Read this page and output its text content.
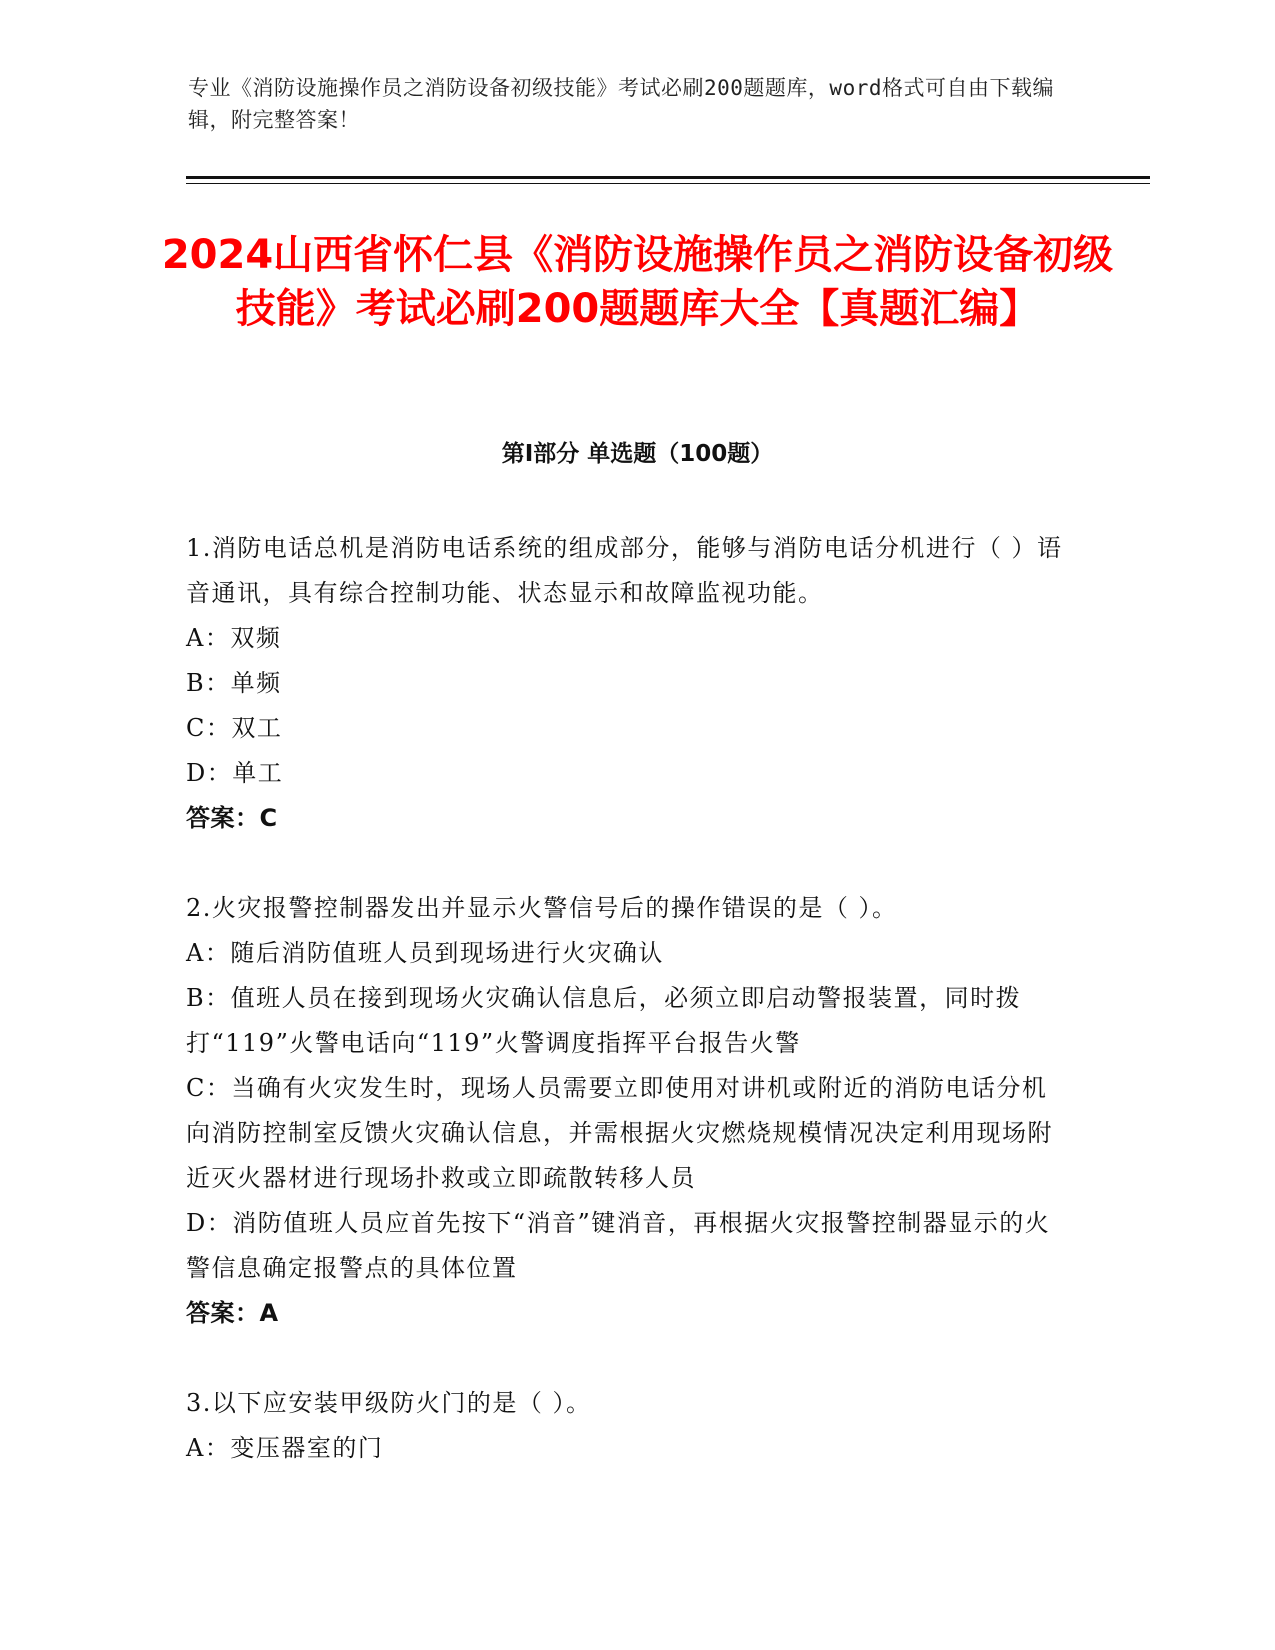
专业《消防设施操作员之消防设备初级技能》考试必刷200题题库，word格式可自由下载编辑，附完整答案！
2024山西省怀仁县《消防设施操作员之消防设备初级技能》考试必刷200题题库大全【真题汇编】
第I部分 单选题（100题）

1.消防电话总机是消防电话系统的组成部分，能够与消防电话分机进行（ ）语音通讯，具有综合控制功能、状态显示和故障监视功能。

A：双频

B：单频

C：双工

D：单工

答案：C

2.火灾报警控制器发出并显示火警信号后的操作错误的是（ ）。

A：随后消防值班人员到现场进行火灾确认

B：值班人员在接到现场火灾确认信息后，必须立即启动警报装置，同时拨打“119”火警电话向“119”火警调度指挥平台报告火警

C：当确有火灾发生时，现场人员需要立即使用对讲机或附近的消防电话分机向消防控制室反馈火灾确认信息，并需根据火灾燃烧规模情况决定利用现场附近灭火器材进行现场扑救或立即疏散转移人员

D：消防值班人员应首先按下“消音”键消音，再根据火灾报警控制器显示的火警信息确定报警点的具体位置

答案：A

3.以下应安装甲级防火门的是（ ）。

A：变压器室的门
